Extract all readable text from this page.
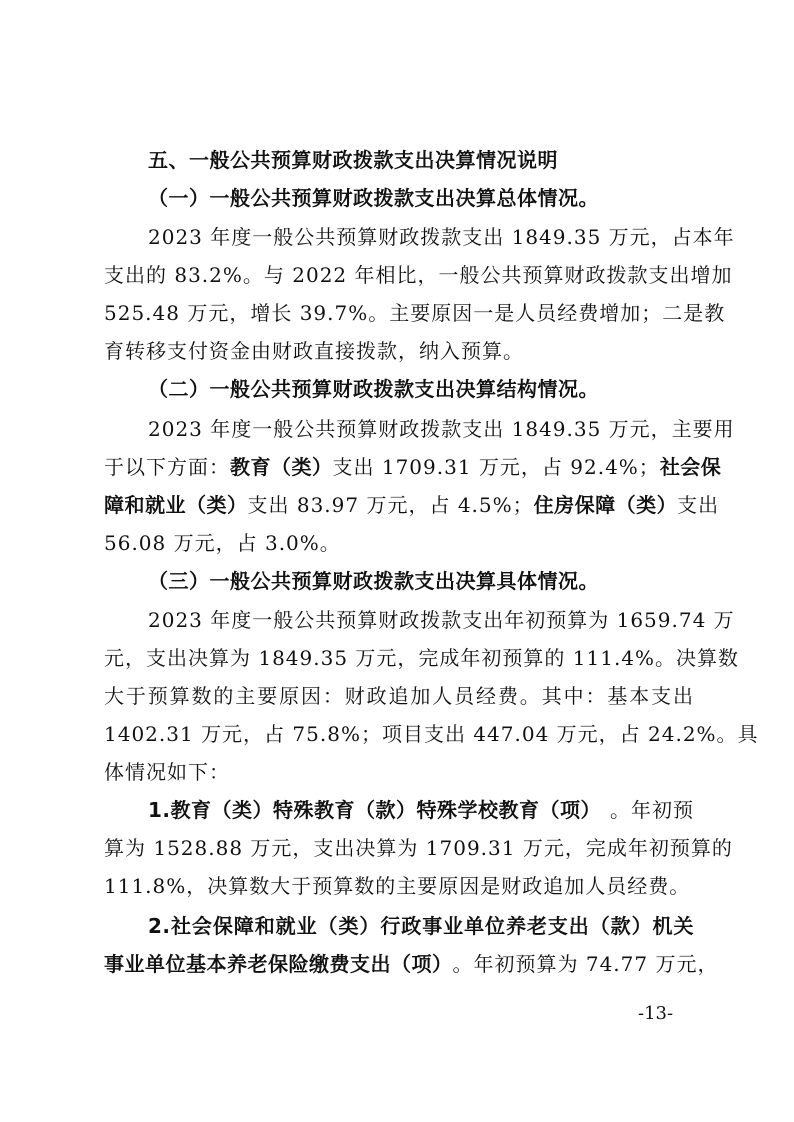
五、一般公共预算财政拨款支出决算情况说明
（一）一般公共预算财政拨款支出决算总体情况。
2023 年度一般公共预算财政拨款支出 1849.35 万元，占本年
支出的 83.2%。与 2022 年相比，一般公共预算财政拨款支出增加
525.48 万元，增长 39.7%。主要原因一是人员经费增加；二是教
育转移支付资金由财政直接拨款，纳入预算。
（二）一般公共预算财政拨款支出决算结构情况。
2023 年度一般公共预算财政拨款支出 1849.35 万元，主要用
于以下方面： 教育（类） 支出 1709.31 万元，占 92.4%； 社会保
障和就业（类） 支出 83.97 万元，占 4.5%； 住房保障（类） 支出
56.08 万元，占 3.0%。
（三）一般公共预算财政拨款支出决算具体情况。
2023 年度一般公共预算财政拨款支出年初预算为 1659.74 万
元，支出决算为 1849.35 万元，完成年初预算的 111.4%。决算数
大于预算数的主要原因：财政追加人员经费。其中：基本支出
1402.31 万元，占 75.8%；项目支出 447.04 万元，占 24.2%。具
体情况如下：
1.教育（类）特殊教育（款）特殊学校教育（项） 。年初预
算为 1528.88 万元，支出决算为 1709.31 万元，完成年初预算的
111.8%，决算数大于预算数的主要原因是财政追加人员经费。
2.社会保障和就业（类）行政事业单位养老支出（款）机关
事业单位基本养老保险缴费支出（项） 。年初预算为 74.77 万元，
-13-
